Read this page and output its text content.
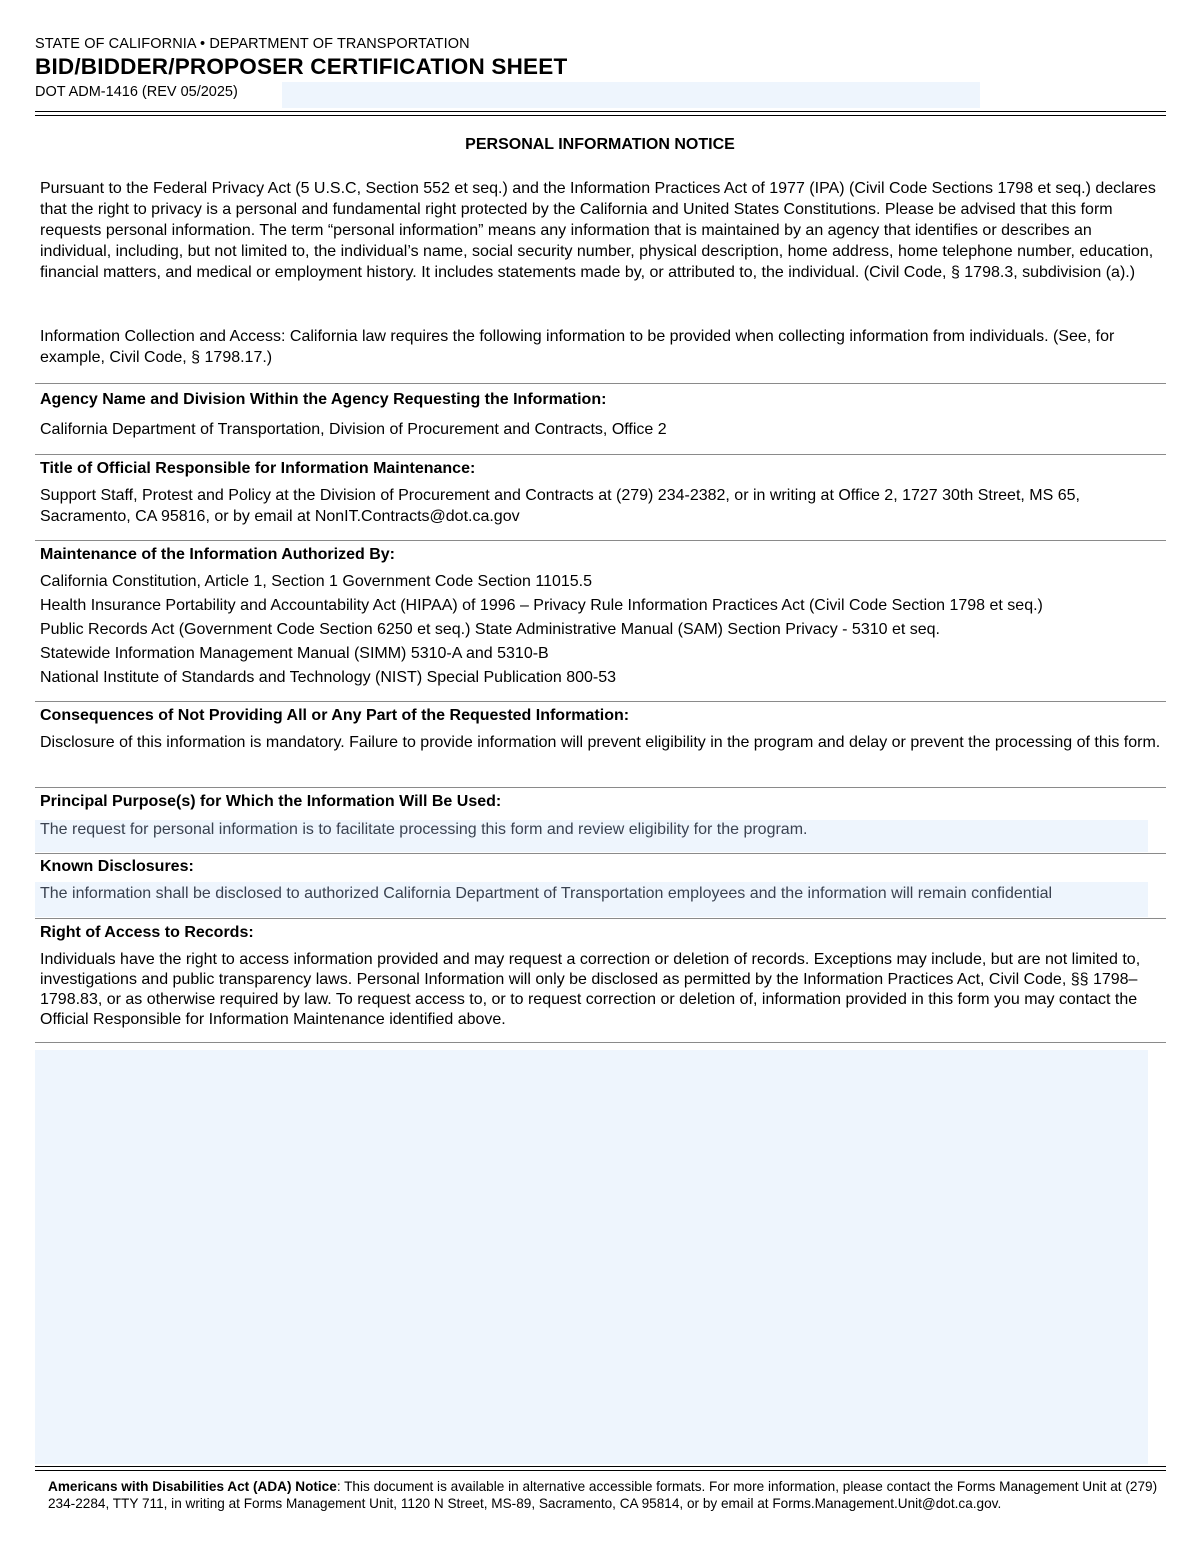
STATE OF CALIFORNIA • DEPARTMENT OF TRANSPORTATION
BID/BIDDER/PROPOSER CERTIFICATION SHEET
DOT ADM-1416 (REV 05/2025)
PERSONAL INFORMATION NOTICE
Pursuant to the Federal Privacy Act (5 U.S.C, Section 552 et seq.) and the Information Practices Act of 1977 (IPA) (Civil Code Sections 1798 et seq.) declares that the right to privacy is a personal and fundamental right protected by the California and United States Constitutions. Please be advised that this form requests personal information. The term “personal information” means any information that is maintained by an agency that identifies or describes an individual, including, but not limited to, the individual’s name, social security number, physical description, home address, home telephone number, education, financial matters, and medical or employment history. It includes statements made by, or attributed to, the individual. (Civil Code, § 1798.3, subdivision (a).)
Information Collection and Access: California law requires the following information to be provided when collecting information from individuals. (See, for example, Civil Code, § 1798.17.)
Agency Name and Division Within the Agency Requesting the Information:
California Department of Transportation, Division of Procurement and Contracts, Office 2
Title of Official Responsible for Information Maintenance:
Support Staff, Protest and Policy at the Division of Procurement and Contracts at (279) 234-2382, or in writing at Office 2, 1727 30th Street, MS 65, Sacramento, CA 95816, or by email at NonIT.Contracts@dot.ca.gov
Maintenance of the Information Authorized By:
California Constitution, Article 1, Section 1 Government Code Section 11015.5
Health Insurance Portability and Accountability Act (HIPAA) of 1996 – Privacy Rule Information Practices Act (Civil Code Section 1798 et seq.)
Public Records Act (Government Code Section 6250 et seq.) State Administrative Manual (SAM) Section Privacy - 5310 et seq.
Statewide Information Management Manual (SIMM) 5310-A and 5310-B
National Institute of Standards and Technology (NIST) Special Publication 800-53
Consequences of Not Providing All or Any Part of the Requested Information:
Disclosure of this information is mandatory. Failure to provide information will prevent eligibility in the program and delay or prevent the processing of this form.
Principal Purpose(s) for Which the Information Will Be Used:
The request for personal information is to facilitate processing this form and review eligibility for the program.
Known Disclosures:
The information shall be disclosed to authorized California Department of Transportation employees and the information will remain confidential
Right of Access to Records:
Individuals have the right to access information provided and may request a correction or deletion of records. Exceptions may include, but are not limited to, investigations and public transparency laws. Personal Information will only be disclosed as permitted by the Information Practices Act, Civil Code, §§ 1798–1798.83, or as otherwise required by law. To request access to, or to request correction or deletion of, information provided in this form you may contact the Official Responsible for Information Maintenance identified above.
Americans with Disabilities Act (ADA) Notice: This document is available in alternative accessible formats. For more information, please contact the Forms Management Unit at (279) 234-2284, TTY 711, in writing at Forms Management Unit, 1120 N Street, MS-89, Sacramento, CA 95814, or by email at Forms.Management.Unit@dot.ca.gov.
